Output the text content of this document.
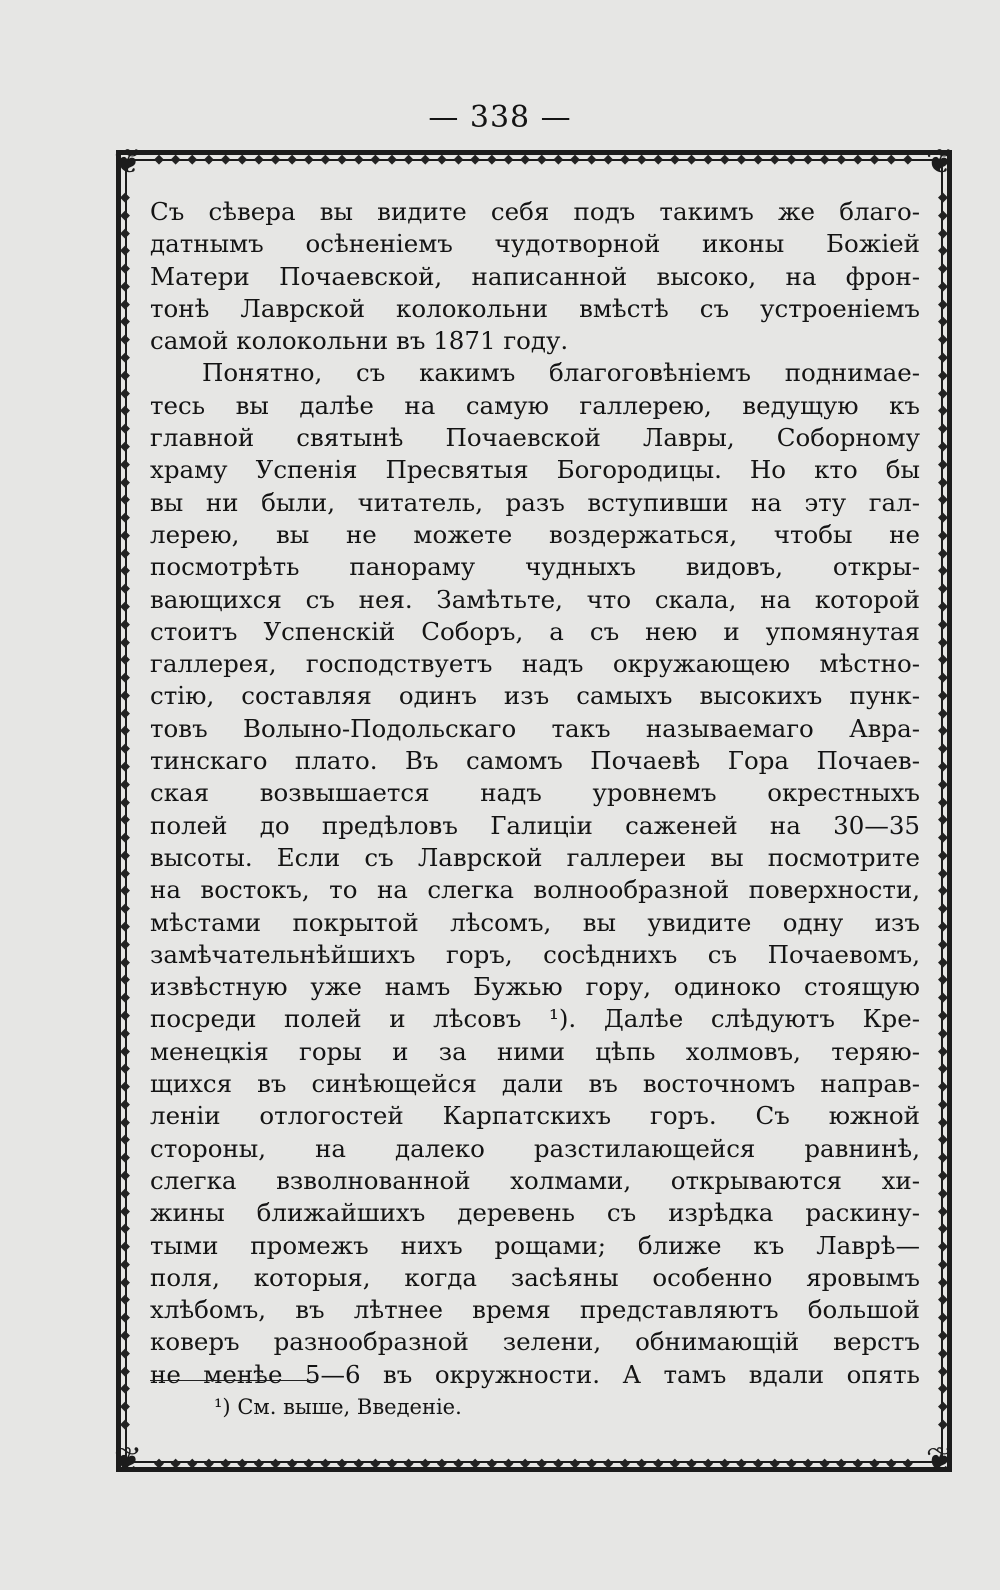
— 338 —
◆ ◆ ◆ ◆ ◆ ◆ ◆ ◆ ◆ ◆ ◆ ◆ ◆ ◆ ◆ ◆ ◆ ◆ ◆ ◆ ◆ ◆ ◆ ◆ ◆ ◆ ◆ ◆ ◆ ◆ ◆ ◆ ◆ ◆ ◆ ◆ ◆ ◆ ◆ ◆ ◆ ◆ ◆ ◆ ◆ ◆
◆ ◆ ◆ ◆ ◆ ◆ ◆ ◆ ◆ ◆ ◆ ◆ ◆ ◆ ◆ ◆ ◆ ◆ ◆ ◆ ◆ ◆ ◆ ◆ ◆ ◆ ◆ ◆ ◆ ◆ ◆ ◆ ◆ ◆ ◆ ◆ ◆ ◆ ◆ ◆ ◆ ◆ ◆ ◆ ◆ ◆
◆
◆
◆
◆
◆
◆
◆
◆
◆
◆
◆
◆
◆
◆
◆
◆
◆
◆
◆
◆
◆
◆
◆
◆
◆
◆
◆
◆
◆
◆
◆
◆
◆
◆
◆
◆
◆
◆
◆
◆
◆
◆
◆
◆
◆
◆
◆
◆
◆
◆
◆
◆
◆
◆
◆
◆
◆
◆
◆
◆
◆
◆
◆
◆
◆
◆
◆
◆
◆
◆
◆
◆
◆
◆
◆
◆
◆
◆
◆
◆
◆
◆
◆
◆
◆
◆
◆
◆
◆
◆
◆
◆
◆
◆
◆
◆
◆
◆
◆
◆
◆
◆
◆
◆
◆
◆
◆
◆
◆
◆
◆
◆
◆
◆
◆
◆
◆
◆
◆
◆
◆
◆
◆
◆
◆
◆
◆
◆
◆
◆
◆
◆
◆
◆
◆
◆
◆
◆
◆
◆
❦	❦
❦	❦
Съ сѣвера вы видите себя подъ такимъ же благо-
датнымъ осѣненіемъ чудотворной иконы Божіей
Матери Почаевской, написанной высоко, на фрон-
тонѣ Лаврской колокольни вмѣстѣ съ устроеніемъ
самой колокольни въ 1871 году.
Понятно, съ какимъ благоговѣніемъ поднимае-
тесь вы далѣе на самую галлерею, ведущую къ
главной святынѣ Почаевской Лавры, Соборному
храму Успенія Пресвятыя Богородицы. Но кто бы
вы ни были, читатель, разъ вступивши на эту гал-
лерею, вы не можете воздержаться, чтобы не
посмотрѣть панораму чудныхъ видовъ, откры-
вающихся съ нея. Замѣтьте, что скала, на которой
стоитъ Успенскій Соборъ, а съ нею и упомянутая
галлерея, господствуетъ надъ окружающею мѣстно-
стію, составляя одинъ изъ самыхъ высокихъ пунк-
товъ Волыно-Подольскаго такъ называемаго Авра-
тинскаго плато. Въ самомъ Почаевѣ Гора Почаев-
ская возвышается надъ уровнемъ окрестныхъ
полей до предѣловъ Галиціи саженей на 30—35
высоты. Если съ Лаврской галлереи вы посмотрите
на востокъ, то на слегка волнообразной поверхности,
мѣстами покрытой лѣсомъ, вы увидите одну изъ
замѣчательнѣйшихъ горъ, сосѣднихъ съ Почаевомъ,
извѣстную уже намъ Бужью гору, одиноко стоящую
посреди полей и лѣсовъ ¹). Далѣе слѣдуютъ Кре-
менецкія горы и за ними цѣпь холмовъ, теряю-
щихся въ синѣющейся дали въ восточномъ направ-
леніи отлогостей Карпатскихъ горъ. Съ южной
стороны, на далеко разстилающейся равнинѣ,
слегка взволнованной холмами, открываются хи-
жины ближайшихъ деревень съ изрѣдка раскину-
тыми промежъ нихъ рощами; ближе къ Лаврѣ—
поля, которыя, когда засѣяны особенно яровымъ
хлѣбомъ, въ лѣтнее время представляютъ большой
коверъ разнообразной зелени, обнимающій верстъ
не менѣе 5—6 въ окружности. А тамъ вдали опять
¹) См. выше, Введеніе.
